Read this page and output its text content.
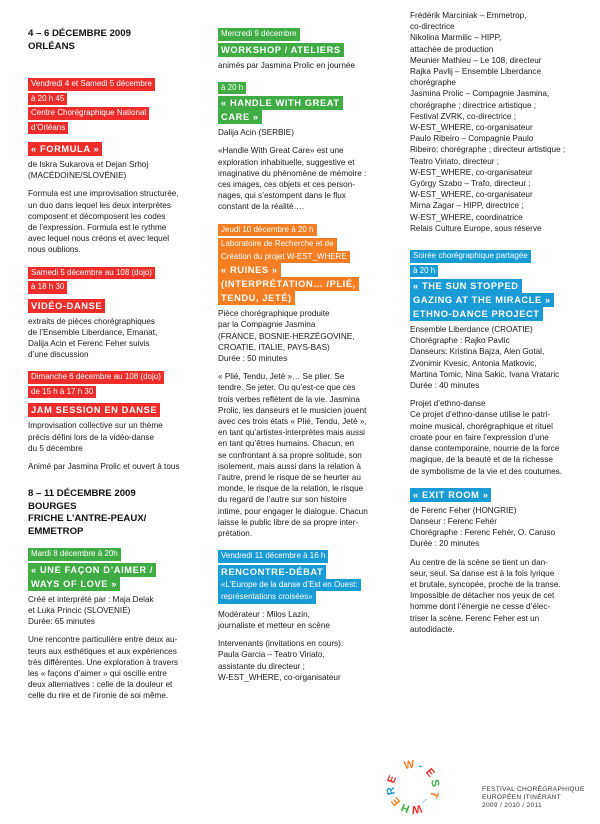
4 – 6 DÉCEMBRE 2009
ORLÉANS
Vendredi 4 et Samedi 5 décembre
à 20 h 45
Centre Chorégraphique National
d’Orléans
« FORMULA »

de Iskra Sukarova et Dejan Srhoj

(MACÉDOINE/SLOVÉNIE)

Formula est une improvisation structurée,

un duo dans lequel les deux interprètes

composent et décomposent les codes

de l’expression. Formula est le rythme

avec lequel nous créons et avec lequel

nous oublions.

Samedi 5 décembre au 108 (dojo)
à 18 h 30
VIDÉO-DANSE

extraits de pièces chorégraphiques

de l’Ensemble Liberdance, Emanat,

Dalija Acin et Ferenc Feher suivis

d’une discussion

Dimanche 6 décembre au 108 (dojo)
de 15 h à 17 h 30
JAM SESSION EN DANSE

Improvisation collective sur un thème

précis défini lors de la vidéo-danse

du 5 décembre

Animé par Jasmina Prolic et ouvert à tous

8 – 11 DÉCEMBRE 2009
BOURGES
FRICHE L’ANTRE-PEAUX/
EMMETROP
Mardi 8 décembre à 20h
« UNE FAÇON D’AIMER /
WAYS OF LOVE »

Créé et interprété par : Maja Delak

et Luka Princic (SLOVENIE)

Durée: 65 minutes

Une rencontre particulière entre deux au-

teurs aux esthétiques et aux expériences

très différentes. Une exploration à travers

les « façons d’aimer » qui oscille entre

deux alternatives : celle de la douleur et

celle du rire et de l’ironie de soi même.

Mercredi 9 décembre
WORKSHOP / ATELIERS

animés par Jasmina Prolic en journée

à 20 h
« HANDLE WITH GREAT
CARE »

Dalija Acin (SERBIE)

«Handle With Great Care» est une

exploration inhabituelle, suggestive et

imaginative du phénomène de mémoire :

ces images, ces objets et ces person-

nages, qui s’estompent dans le flux

constant de la réalité….

Jeudi 10 décembre à 20 h
Laboratoire de Recherche et de
Création du projet W-EST_WHERE
« RUINES »
(INTERPRÉTATION… /PLIÉ,
TENDU, JETÉ)

Pièce chorégraphique produite

par la Compagnie Jasmina

(FRANCE, BOSNIE-HERZÉGOVINE,

CROATIE, ITALIE, PAYS-BAS)

Durée : 50 minutes

« Plié, Tendu, Jeté »… Se plier. Se

tendre. Se jeter. Ou qu’est-ce que ces

trois verbes reflètent de la vie. Jasmina

Prolic, les danseurs et le musicien jouent

avec ces trois états « Plié, Tendu, Jeté »,

en tant qu’artistes-interprètes mais aussi

en tant qu’êtres humains. Chacun, en

se confrontant à sa propre solitude, son

isolement, mais aussi dans la relation à

l’autre, prend le risque de se heurter au

monde, le risque de la relation, le risque

du regard de l’autre sur son histoire

intime, pour engager le dialogue. Chacun

laisse le public libre de sa propre inter-

prétation.

Vendredi 11 décembre à 16 h
RENCONTRE-DÉBAT
«L’Europe de la danse d’Est en Ouest:
représentations croisées»

Modérateur : Milos Lazin,

journaliste et metteur en scène

Intervenants (invitations en cours):

Paula Garcia – Teatro Viriato,

assistante du directeur ;

W-EST_WHERE, co-organisateur

Frédérik Marciniak – Emmetrop,

co-directrice

Nikolina Marmilic – HIPP,

attachée de production

Meunier Mathieu – Le 108, directeur

Rajka Pavlij – Ensemble Liberdance

chorégraphe

Jasmina Prolic – Compagnie Jasmina,

chorégraphe ; directrice artistique ;

Festival ZVRK, co-directrice ;

W-EST_WHERE, co-organisateur

Paulo Ribeiro – Compagnie Paulo

Ribeiro; chorégraphe ; directeur artistique ;

Teatro Viriato, directeur ;

W-EST_WHERE, co-organisateur

György Szabo – Trafo, directeur ;

W-EST_WHERE, co-organisateur

Mirna Zagar – HIPP, directrice ;

W-EST_WHERE, coordinatrice

Relais Culture Europe, sous réserve

Soirée chorégraphique partagée
à 20 h
« THE SUN STOPPED
GAZING AT THE MIRACLE »
ETHNO-DANCE PROJECT

Ensemble Liberdance (CROATIE)

Chorégraphe : Rajko Pavlic

Danseurs: Kristina Bajza, Alen Gotal,

Zvonimir Kvesic, Antonia Matkovic,

Martina Tomic, Nina Sakic, Ivana Vrataric

Durée : 40 minutes

Projet d’ethno-danse

Ce projet d’ethno-danse utilise le patri-

moine musical, chorégraphique et rituel

croate pour en faire l’expression d’une

danse contemporaine, nourrie de la force

magique, de la beauté et de la richesse

de symbolisme de la vie et des coutumes.

« EXIT ROOM »

de Ferenc Feher (HONGRIE)

Danseur : Ferenc Fehér

Chorégraphe : Ferenc Fehér, O. Caruso

Durée : 20 minutes

Au centre de la scène se tient un dan-

seur, seul. Sa danse est à la fois lyrique

et brutale, syncopée, proche de la transe.

Impossible de détacher nos yeux de cet

homme dont l’énergie ne cesse d’élec-

triser la scène. Ferenc Feher est un

autodidacte.

W -
E
S
T
_
W
H
E
R
E
FESTIVAL CHORÉGRAPHIQUE
EUROPÉEN ITINÉRANT
2009 / 2010 / 2011
